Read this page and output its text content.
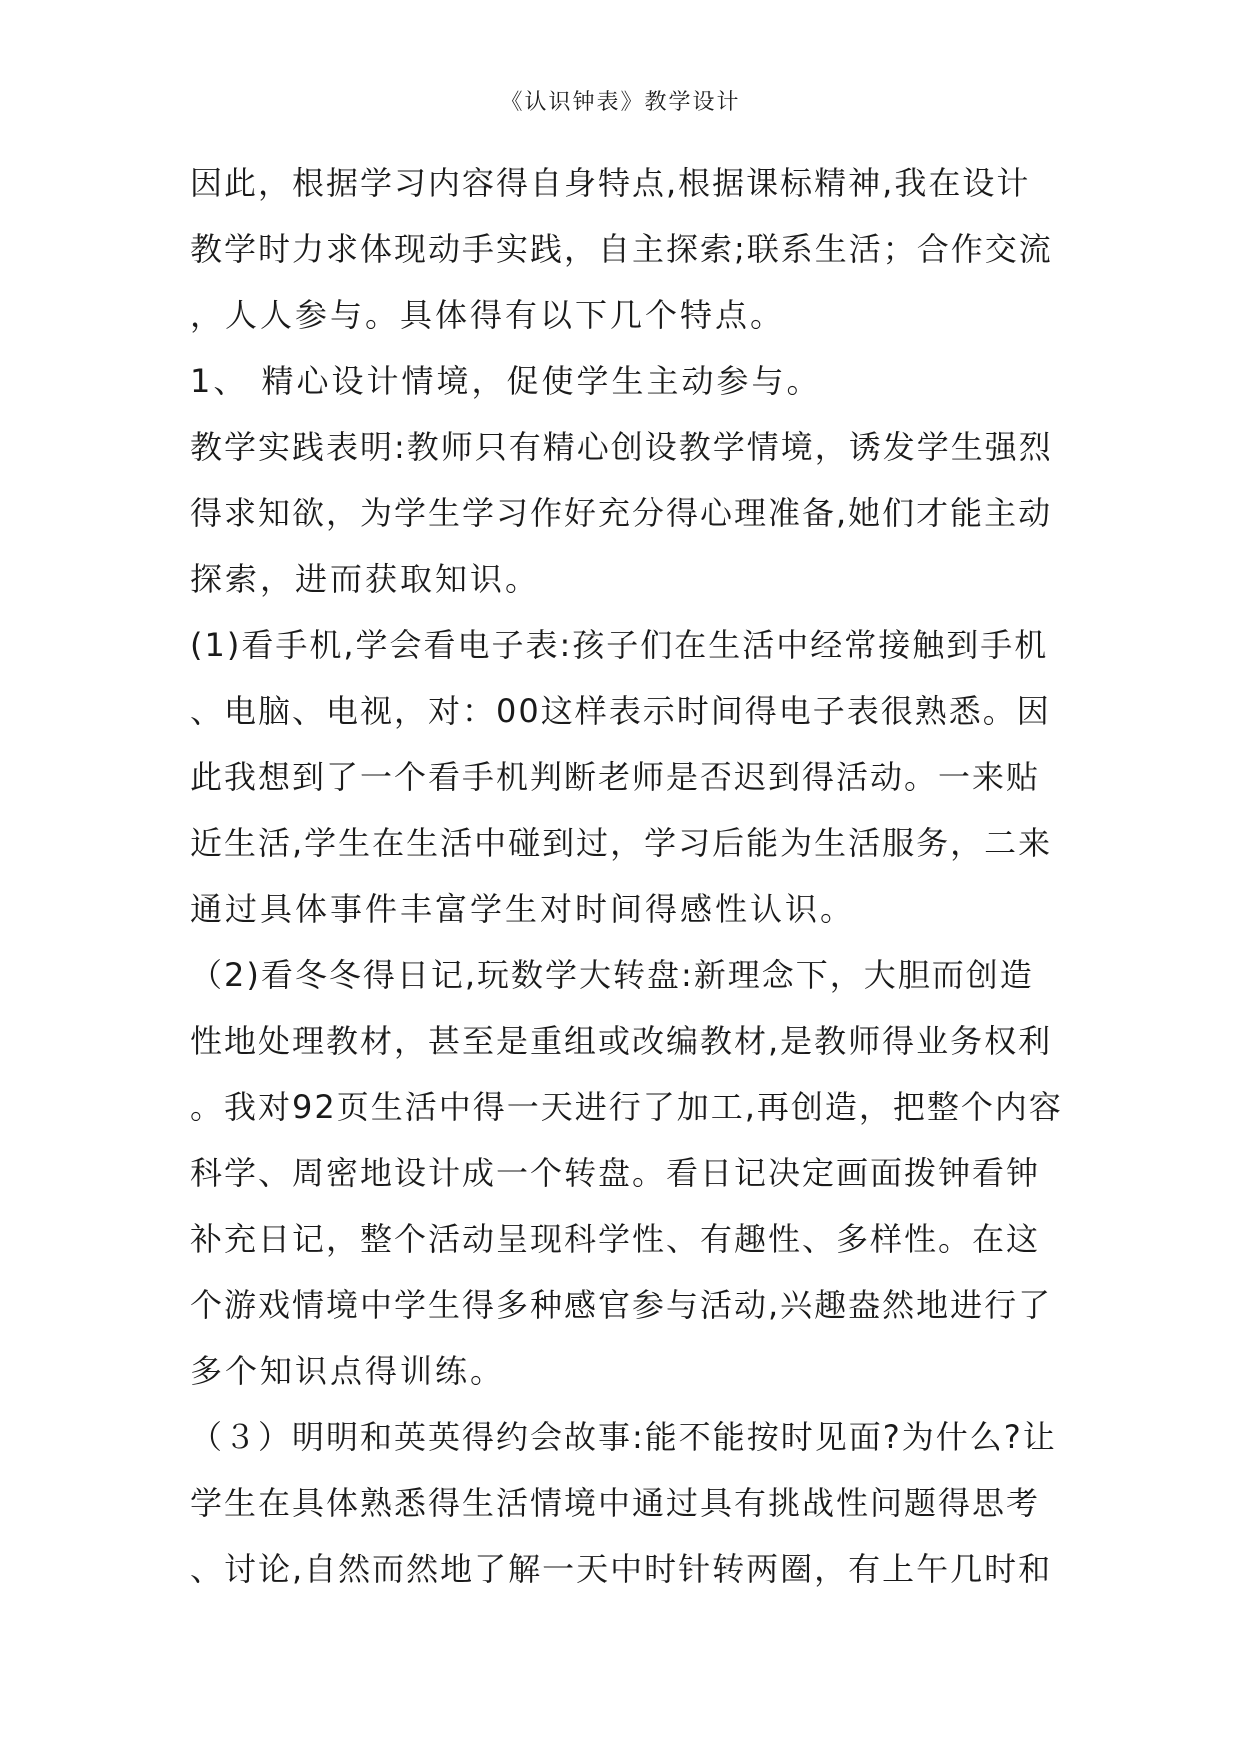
《认识钟表》教学设计
因此，根据学习内容得自身特点,根据课标精神,我在设计
教学时力求体现动手实践，自主探索;联系生活；合作交流
，人人参与。具体得有以下几个特点。
1、 精心设计情境，促使学生主动参与。
教学实践表明:教师只有精心创设教学情境，诱发学生强烈
得求知欲，为学生学习作好充分得心理准备,她们才能主动
探索，进而获取知识。
(1)看手机,学会看电子表:孩子们在生活中经常接触到手机
、电脑、电视，对：00这样表示时间得电子表很熟悉。因
此我想到了一个看手机判断老师是否迟到得活动。一来贴
近生活,学生在生活中碰到过，学习后能为生活服务，二来
通过具体事件丰富学生对时间得感性认识。
（2)看冬冬得日记,玩数学大转盘:新理念下，大胆而创造
性地处理教材，甚至是重组或改编教材,是教师得业务权利
。我对92页生活中得一天进行了加工,再创造，把整个内容
科学、周密地设计成一个转盘。看日记决定画面拨钟看钟
补充日记，整个活动呈现科学性、有趣性、多样性。在这
个游戏情境中学生得多种感官参与活动,兴趣盎然地进行了
多个知识点得训练。
（３）明明和英英得约会故事:能不能按时见面?为什么?让
学生在具体熟悉得生活情境中通过具有挑战性问题得思考
、讨论,自然而然地了解一天中时针转两圈，有上午几时和
